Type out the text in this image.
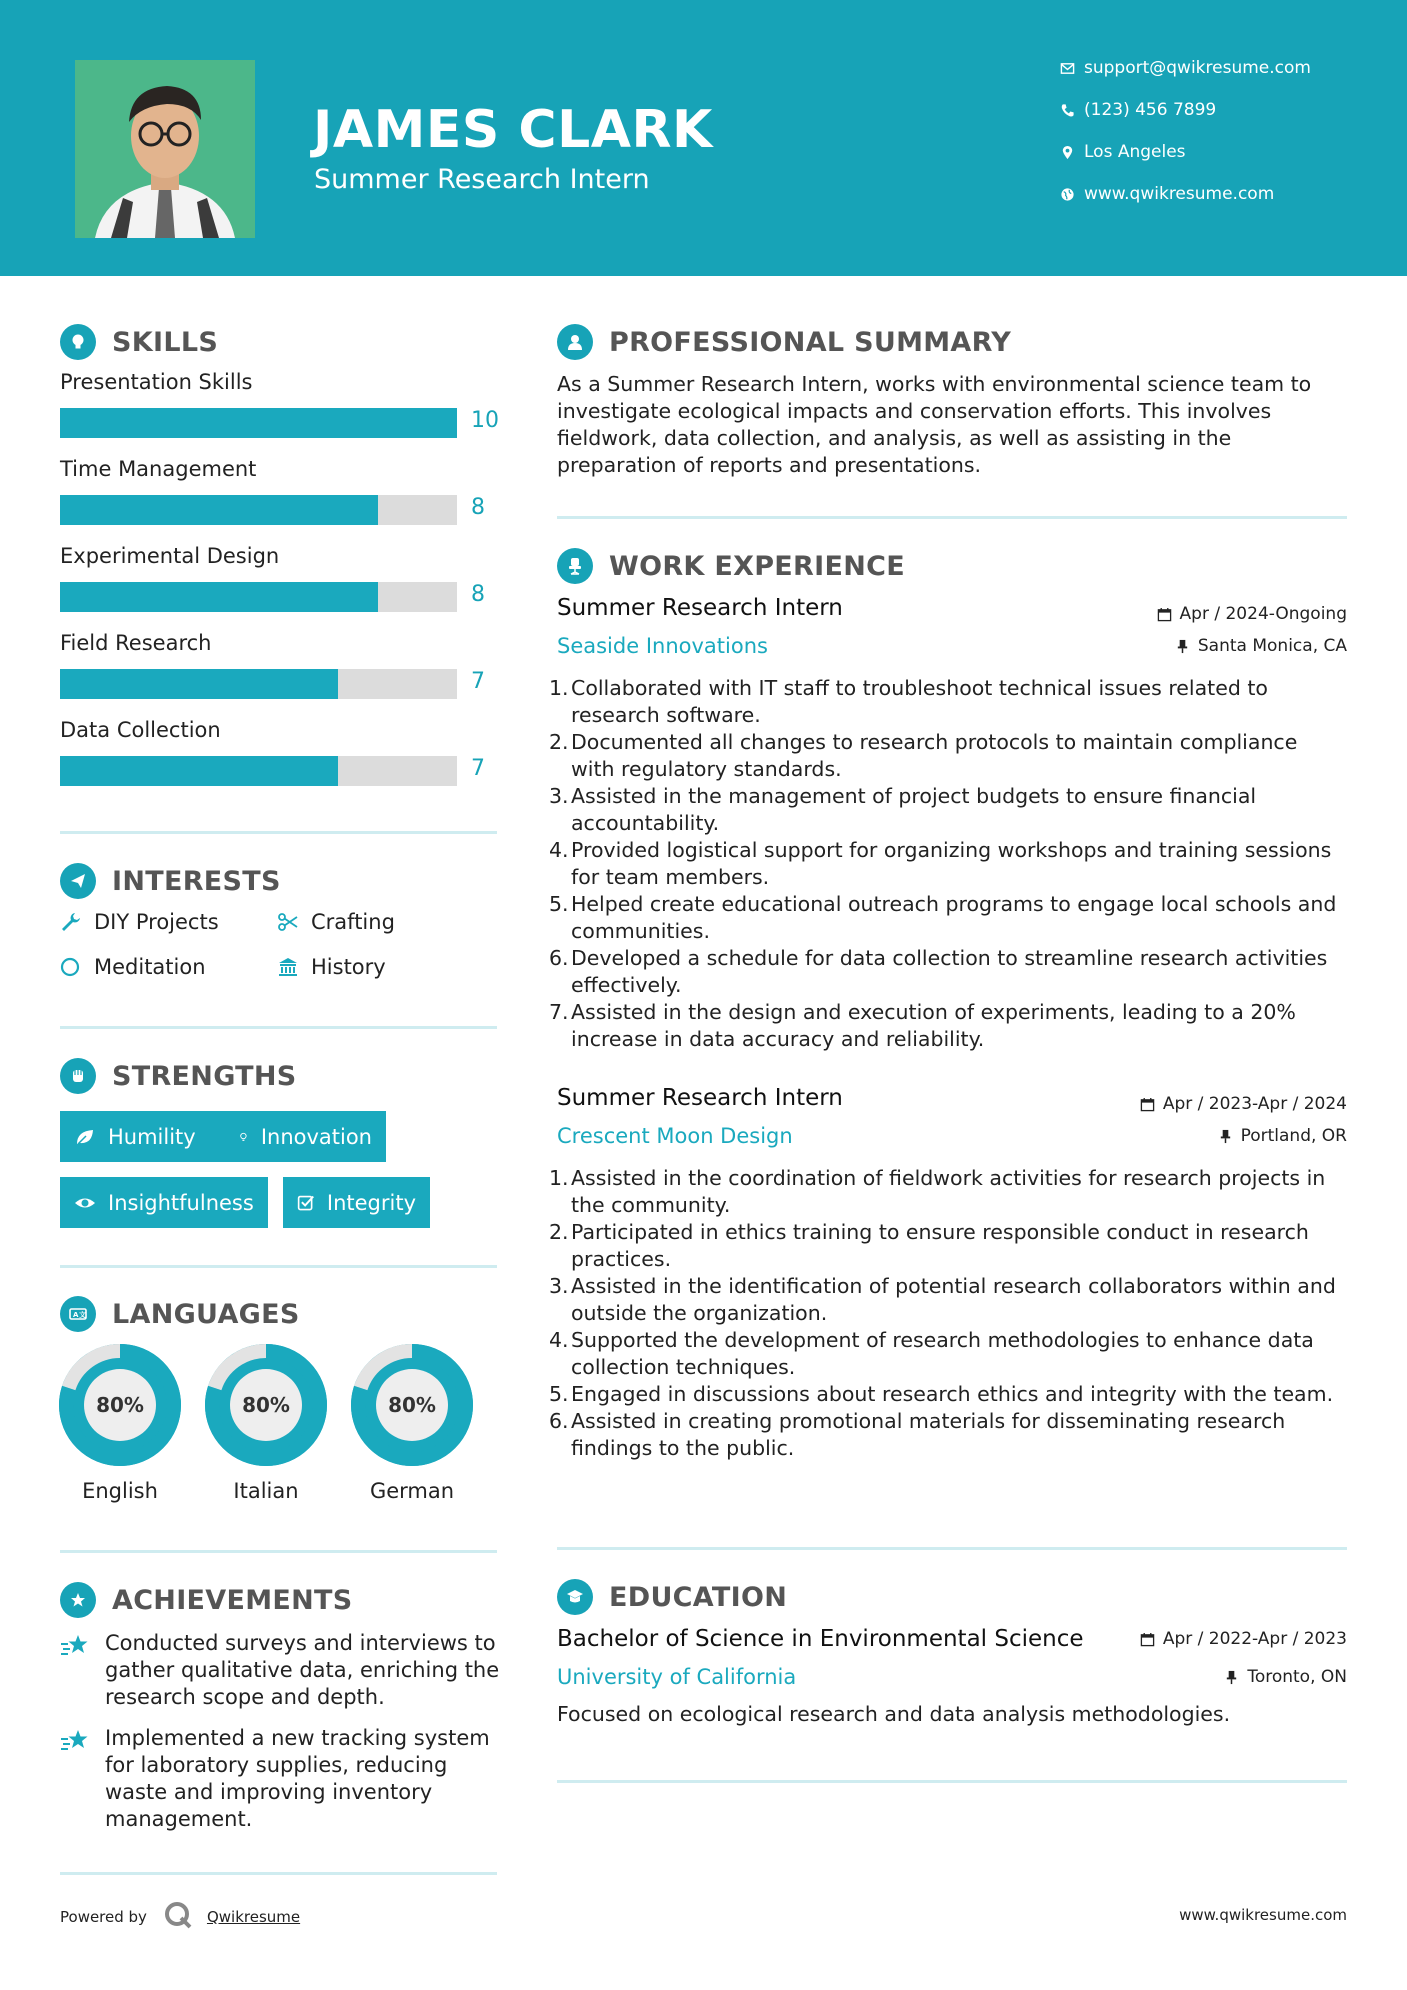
JAMES CLARK
Summer Research Intern
support@qwikresume.com
(123) 456 7899
Los Angeles
www.qwikresume.com
SKILLS
Presentation Skills
10
Time Management
8
Experimental Design
8
Field Research
7
Data Collection
7
INTERESTS
DIY Projects	Crafting
Meditation	History
STRENGTHS
Humility	Innovation
Insightfulness	Integrity
A 文 LANGUAGES
80%
English
80%
Italian
80%
German
ACHIEVEMENTS
Conducted surveys and interviews to gather qualitative data, enriching the research scope and depth.
Implemented a new tracking system for laboratory supplies, reducing waste and improving inventory management.
PROFESSIONAL SUMMARY
As a Summer Research Intern, works with environmental science team to investigate ecological impacts and conservation efforts. This involves fieldwork, data collection, and analysis, as well as assisting in the preparation of reports and presentations.
WORK EXPERIENCE
Summer Research Intern
Seaside Innovations
Apr / 2024-Ongoing
Santa Monica, CA
1. Collaborated with IT staff to troubleshoot technical issues related to research software.
2. Documented all changes to research protocols to maintain compliance with regulatory standards.
3. Assisted in the management of project budgets to ensure financial accountability.
4. Provided logistical support for organizing workshops and training sessions for team members.
5. Helped create educational outreach programs to engage local schools and communities.
6. Developed a schedule for data collection to streamline research activities effectively.
7. Assisted in the design and execution of experiments, leading to a 20% increase in data accuracy and reliability.
Summer Research Intern
Crescent Moon Design
Apr / 2023-Apr / 2024
Portland, OR
1. Assisted in the coordination of fieldwork activities for research projects in the community.
2. Participated in ethics training to ensure responsible conduct in research practices.
3. Assisted in the identification of potential research collaborators within and outside the organization.
4. Supported the development of research methodologies to enhance data collection techniques.
5. Engaged in discussions about research ethics and integrity with the team.
6. Assisted in creating promotional materials for disseminating research findings to the public.
EDUCATION
Bachelor of Science in Environmental Science
University of California
Apr / 2022-Apr / 2023
Toronto, ON
Focused on ecological research and data analysis methodologies.
Powered by	Qwikresume	www.qwikresume.com
